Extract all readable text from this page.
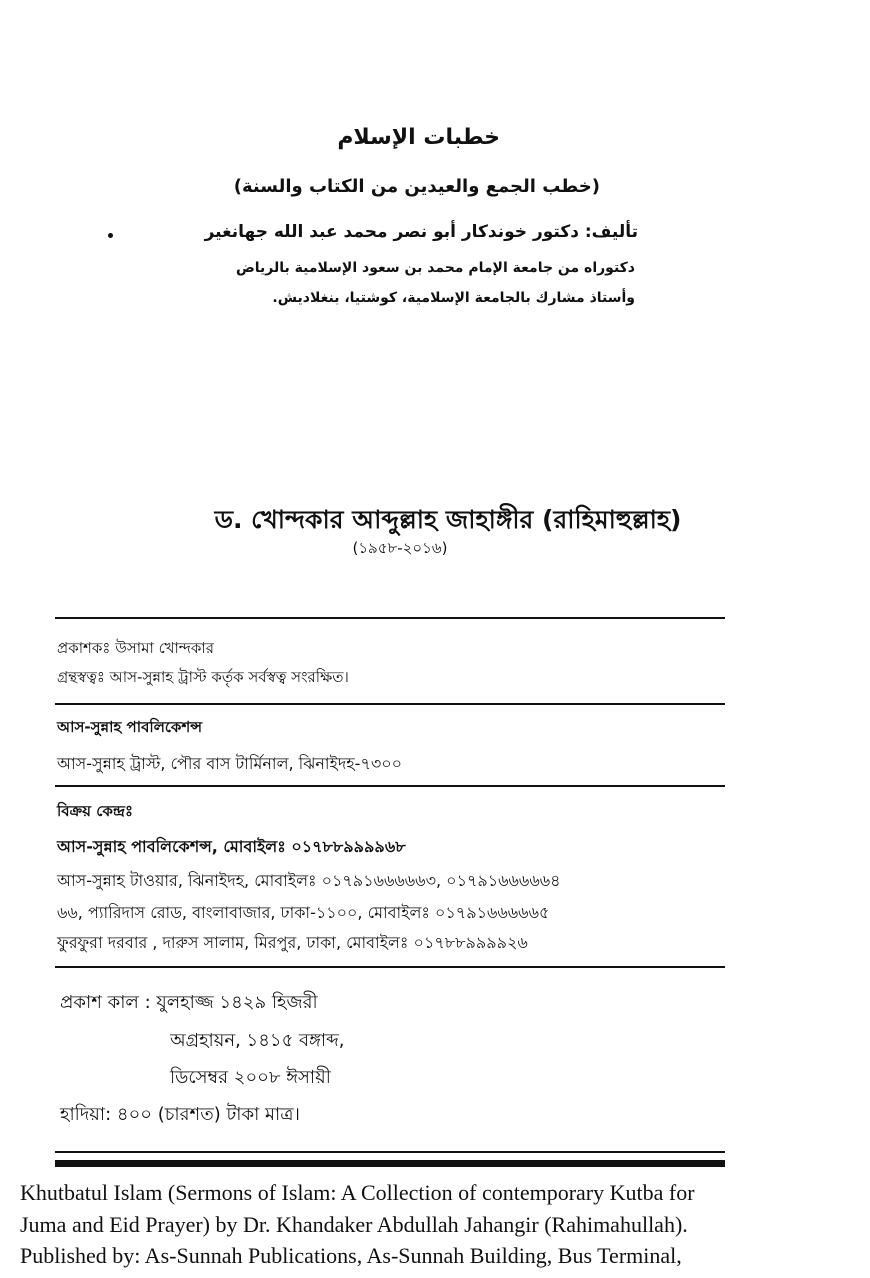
خطبات الإسلام
(خطب الجمع والعيدين من الكتاب والسنة)
تأليف: دكتور خوندكار أبو نصر محمد عبد الله جهانغير
دكتوراه من جامعة الإمام محمد بن سعود الإسلامية بالرياض
وأستاذ مشارك بالجامعة الإسلامية، كوشتيا، بنغلاديش.
ড. খোন্দকার আব্দুল্লাহ জাহাঙ্গীর (রাহিমাহুল্লাহ)
(১৯৫৮-২০১৬)
প্রকাশকঃ উসামা খোন্দকার
গ্রন্থস্বত্বঃ আস-সুন্নাহ ট্রাস্ট কর্তৃক সর্বস্বত্ব সংরক্ষিত।
আস-সুন্নাহ পাবলিকেশন্স
আস-সুন্নাহ ট্রাস্ট, পৌর বাস টার্মিনাল, ঝিনাইদহ-৭৩০০
বিক্রয় কেন্দ্রঃ
আস-সুন্নাহ পাবলিকেশন্স, মোবাইলঃ ০১৭৮৮৯৯৯৯৬৮
আস-সুন্নাহ টাওয়ার, ঝিনাইদহ, মোবাইলঃ ০১৭৯১৬৬৬৬৬৩, ০১৭৯১৬৬৬৬৬৪
৬৬, প্যারিদাস রোড, বাংলাবাজার, ঢাকা-১১০০, মোবাইলঃ ০১৭৯১৬৬৬৬৬৫
ফুরফুরা দরবার , দারুস সালাম, মিরপুর, ঢাকা, মোবাইলঃ ০১৭৮৮৯৯৯৯২৬
প্রকাশ কাল : যুলহাজ্জ ১৪২৯ হিজরী
অগ্রহায়ন, ১৪১৫ বঙ্গাব্দ,
ডিসেম্বর ২০০৮ ঈসায়ী
হাদিয়া: ৪০০ (চারশত) টাকা মাত্র।
Khutbatul Islam (Sermons of Islam: A Collection of contemporary Kutba for
Juma and Eid Prayer) by Dr. Khandaker Abdullah Jahangir (Rahimahullah).
Published by: As-Sunnah Publications, As-Sunnah Building, Bus Terminal,
